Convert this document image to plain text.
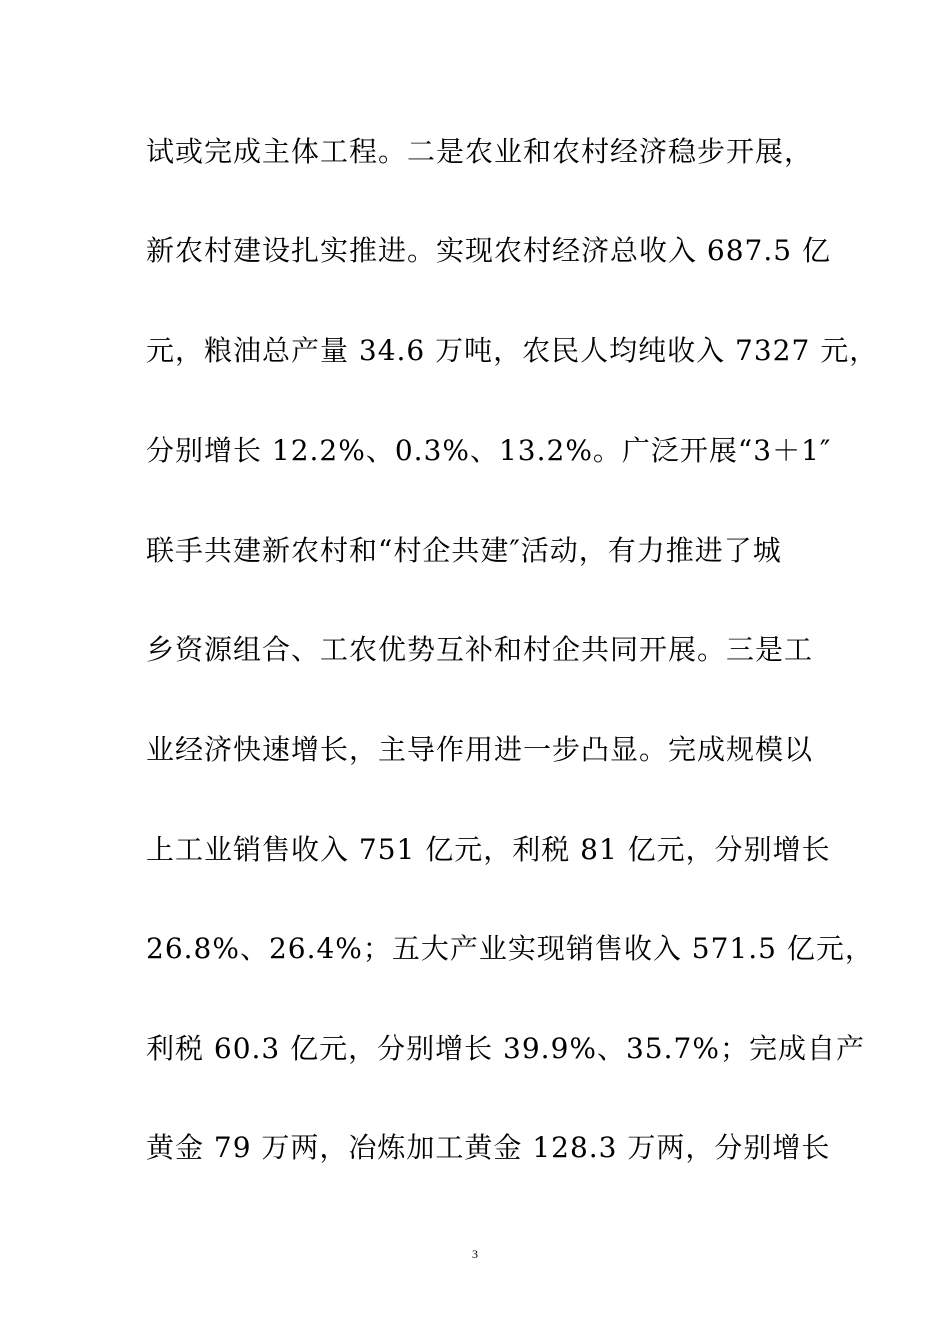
试或完成主体工程。二是农业和农村经济稳步开展，
新农村建设扎实推进。实现农村经济总收入 687.5 亿
元，粮油总产量 34.6 万吨，农民人均纯收入 7327 元，
分别增长 12.2%、0.3%、13.2%。广泛开展“3＋1″
联手共建新农村和“村企共建″活动，有力推进了城
乡资源组合、工农优势互补和村企共同开展。三是工
业经济快速增长，主导作用进一步凸显。完成规模以
上工业销售收入 751 亿元，利税 81 亿元，分别增长
26.8%、26.4%；五大产业实现销售收入 571.5 亿元，
利税 60.3 亿元，分别增长 39.9%、35.7%；完成自产
黄金 79 万两，冶炼加工黄金 128.3 万两，分别增长
3
